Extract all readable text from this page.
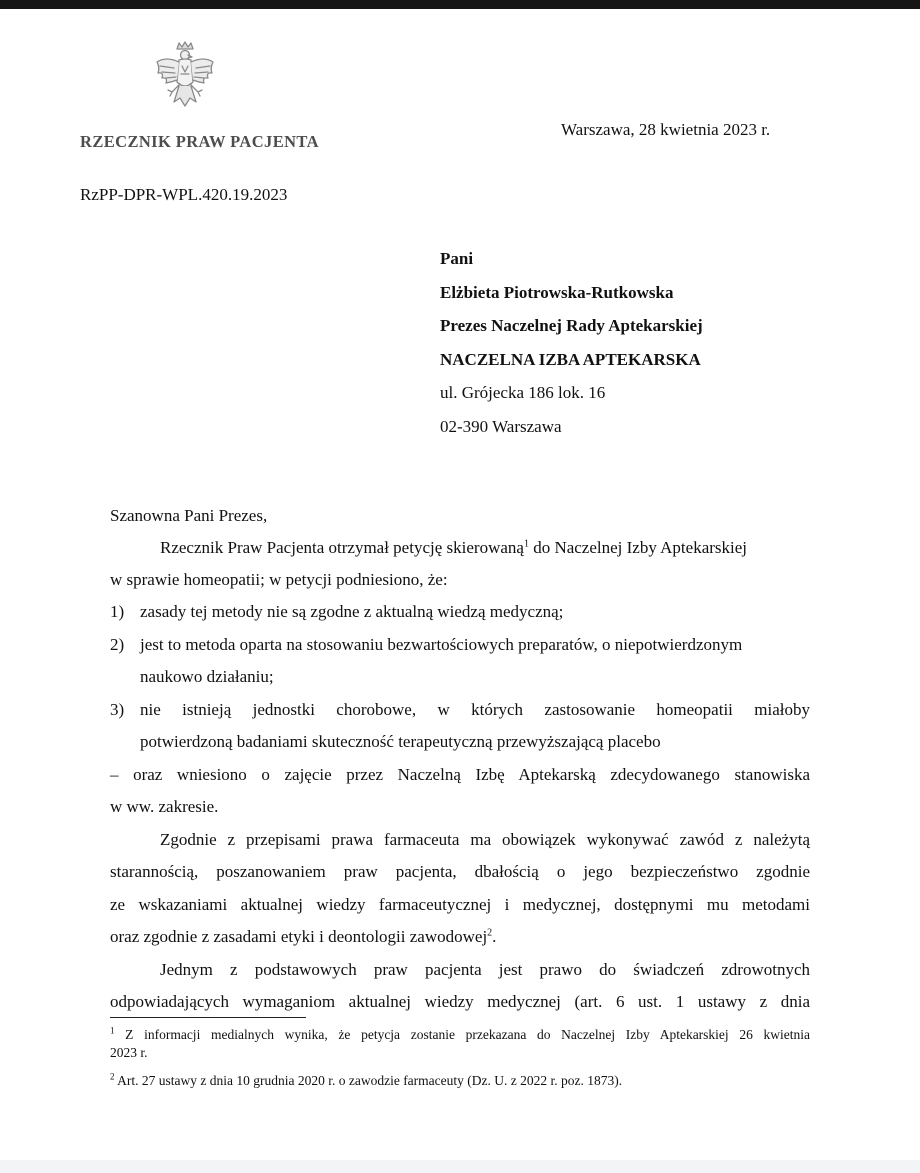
RZECZNIK PRAW PACJENTA
Warszawa, 28 kwietnia 2023 r.
RzPP-DPR-WPL.420.19.2023
Pani
Elżbieta Piotrowska-Rutkowska
Prezes Naczelnej Rady Aptekarskiej
NACZELNA IZBA APTEKARSKA
ul. Grójecka 186 lok. 16
02-390 Warszawa
Szanowna Pani Prezes,
Rzecznik Praw Pacjenta otrzymał petycję skierowaną$^1$ do Naczelnej Izby Aptekarskiej
w sprawie homeopatii; w petycji podniesiono, że:
1) zasady tej metody nie są zgodne z aktualną wiedzą medyczną;
2) jest to metoda oparta na stosowaniu bezwartościowych preparatów, o niepotwierdzonym
naukowo działaniu;
3) nie istnieją jednostki chorobowe, w których zastosowanie homeopatii miałoby
potwierdzoną badaniami skuteczność terapeutyczną przewyższającą placebo
– oraz wniesiono o zajęcie przez Naczelną Izbę Aptekarską zdecydowanego stanowiska
w ww. zakresie.
Zgodnie z przepisami prawa farmaceuta ma obowiązek wykonywać zawód z należytą
starannością, poszanowaniem praw pacjenta, dbałością o jego bezpieczeństwo zgodnie
ze wskazaniami aktualnej wiedzy farmaceutycznej i medycznej, dostępnymi mu metodami
oraz zgodnie z zasadami etyki i deontologii zawodowej$^2$.
Jednym z podstawowych praw pacjenta jest prawo do świadczeń zdrowotnych
odpowiadających wymaganiom aktualnej wiedzy medycznej (art. 6 ust. 1 ustawy z dnia
$^1$ Z informacji medialnych wynika, że petycja zostanie przekazana do Naczelnej Izby Aptekarskiej 26 kwietnia
2023 r.
$^2$ Art. 27 ustawy z dnia 10 grudnia 2020 r. o zawodzie farmaceuty (Dz. U. z 2022 r. poz. 1873).
